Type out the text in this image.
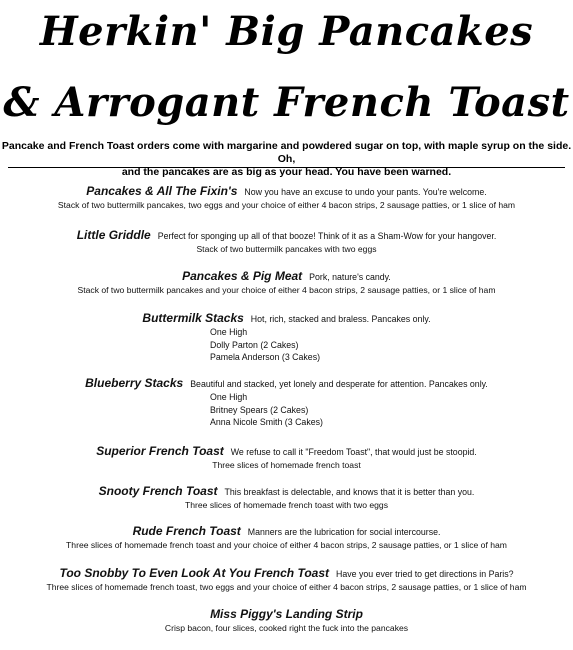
Herkin' Big Pancakes
& Arrogant French Toast
Pancake and French Toast orders come with margarine and powdered sugar on top, with maple syrup on the side. Oh,
and the pancakes are as big as your head. You have been warned.
Pancakes & All The Fixin's Now you have an excuse to undo your pants. You're welcome.
Stack of two buttermilk pancakes, two eggs and your choice of either 4 bacon strips, 2 sausage patties, or 1 slice of ham
Little Griddle Perfect for sponging up all of that booze! Think of it as a Sham-Wow for your hangover.
Stack of two buttermilk pancakes with two eggs
Pancakes & Pig Meat Pork, nature's candy.
Stack of two buttermilk pancakes and your choice of either 4 bacon strips, 2 sausage patties, or 1 slice of ham
Buttermilk Stacks Hot, rich, stacked and braless. Pancakes only.
One High
Dolly Parton (2 Cakes)
Pamela Anderson (3 Cakes)
Blueberry Stacks Beautiful and stacked, yet lonely and desperate for attention. Pancakes only.
One High
Britney Spears (2 Cakes)
Anna Nicole Smith (3 Cakes)
Superior French Toast We refuse to call it "Freedom Toast", that would just be stoopid.
Three slices of homemade french toast
Snooty French Toast This breakfast is delectable, and knows that it is better than you.
Three slices of homemade french toast with two eggs
Rude French Toast Manners are the lubrication for social intercourse.
Three slices of homemade french toast and your choice of either 4 bacon strips, 2 sausage patties, or 1 slice of ham
Too Snobby To Even Look At You French Toast Have you ever tried to get directions in Paris?
Three slices of homemade french toast, two eggs and your choice of either 4 bacon strips, 2 sausage patties, or 1 slice of ham
Miss Piggy's Landing Strip
Crisp bacon, four slices, cooked right the fuck into the pancakes
